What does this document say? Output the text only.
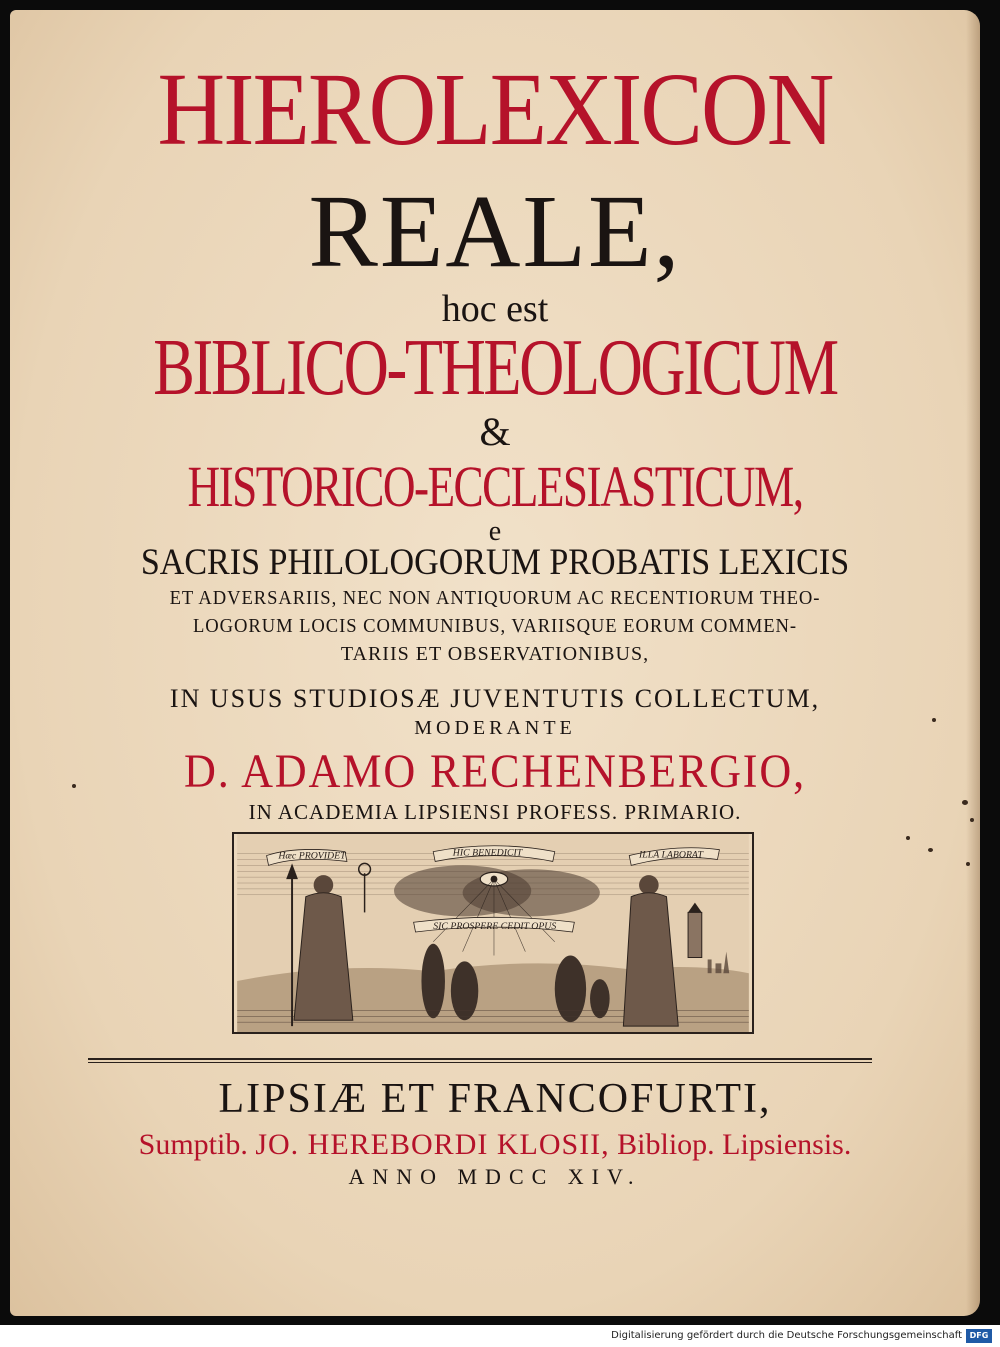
HIEROLEXICON
REALE,
hoc est
BIBLICO-THEOLOGICUM
&
HISTORICO-ECCLESIASTICUM,
e
SACRIS PHILOLOGORUM PROBATIS LEXICIS
ET ADVERSARIIS, NEC NON ANTIQUORUM AC RECENTIORUM THEO-
LOGORUM LOCIS COMMUNIBUS, VARIISQUE EORUM COMMEN-
TARIIS ET OBSERVATIONIBUS,
IN USUS STUDIOSÆ JUVENTUTIS COLLECTUM,
MODERANTE
D. ADAMO RECHENBERGIO,
IN ACADEMIA LIPSIENSI PROFESS. PRIMARIO.
Hæc PROVIDET	HIC BENEDICIT	ILLA LABORAT
SIC PROSPERE CEDIT OPUS
LIPSIÆ ET FRANCOFURTI,
Sumptib. JO. HEREBORDI KLOSII, Bibliop. Lipsiensis.
ANNO MDCC XIV.
Digitalisierung gefördert durch die Deutsche Forschungsgemeinschaft DFG
